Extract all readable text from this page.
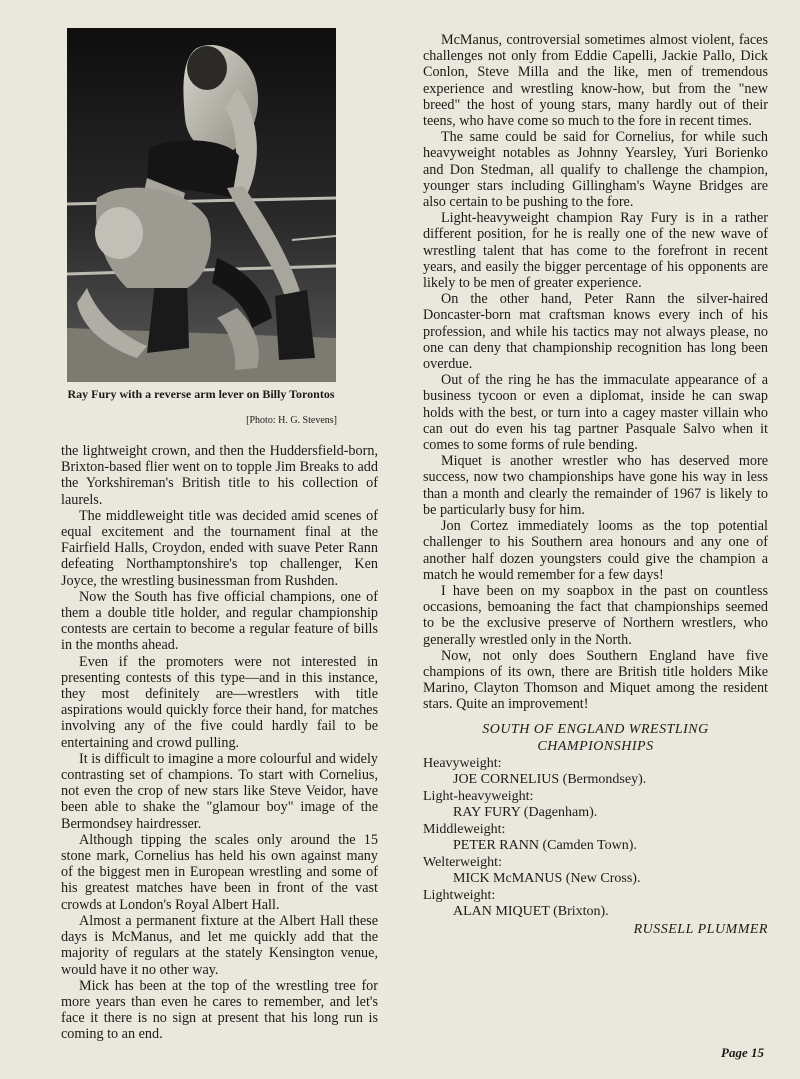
Ray Fury with a reverse arm lever on Billy Torontos
[Photo: H. G. Stevens]

the lightweight crown, and then the Huddersfield-born, Brixton-based flier went on to topple Jim Breaks to add the Yorkshireman's British title to his collection of laurels.

The middleweight title was decided amid scenes of equal excitement and the tournament final at the Fairfield Halls, Croydon, ended with suave Peter Rann defeating Northamptonshire's top challenger, Ken Joyce, the wrestling businessman from Rushden.

Now the South has five official champions, one of them a double title holder, and regular championship contests are certain to become a regular feature of bills in the months ahead.

Even if the promoters were not interested in presenting contests of this type—and in this instance, they most definitely are—wrestlers with title aspirations would quickly force their hand, for matches involving any of the five could hardly fail to be entertaining and crowd pulling.

It is difficult to imagine a more colourful and widely contrasting set of champions. To start with Cornelius, not even the crop of new stars like Steve Veidor, have been able to shake the "glamour boy" image of the Bermondsey hairdresser.

Although tipping the scales only around the 15 stone mark, Cornelius has held his own against many of the biggest men in European wrestling and some of his greatest matches have been in front of the vast crowds at London's Royal Albert Hall.

Almost a permanent fixture at the Albert Hall these days is McManus, and let me quickly add that the majority of regulars at the stately Kensington venue, would have it no other way.

Mick has been at the top of the wrestling tree for more years than even he cares to remember, and let's face it there is no sign at present that his long run is coming to an end.

McManus, controversial sometimes almost violent, faces challenges not only from Eddie Capelli, Jackie Pallo, Dick Conlon, Steve Milla and the like, men of tremendous experience and wrestling know-how, but from the "new breed" the host of young stars, many hardly out of their teens, who have come so much to the fore in recent times.

The same could be said for Cornelius, for while such heavyweight notables as Johnny Yearsley, Yuri Borienko and Don Stedman, all qualify to challenge the champion, younger stars including Gillingham's Wayne Bridges are also certain to be pushing to the fore.

Light-heavyweight champion Ray Fury is in a rather different position, for he is really one of the new wave of wrestling talent that has come to the forefront in recent years, and easily the bigger percentage of his opponents are likely to be men of greater experience.

On the other hand, Peter Rann the silver-haired Doncaster-born mat craftsman knows every inch of his profession, and while his tactics may not always please, no one can deny that championship recognition has long been overdue.

Out of the ring he has the immaculate appearance of a business tycoon or even a diplomat, inside he can swap holds with the best, or turn into a cagey master villain who can out do even his tag partner Pasquale Salvo when it comes to some forms of rule bending.

Miquet is another wrestler who has deserved more success, now two championships have gone his way in less than a month and clearly the remainder of 1967 is likely to be particularly busy for him.

Jon Cortez immediately looms as the top potential challenger to his Southern area honours and any one of another half dozen youngsters could give the champion a match he would remember for a few days!

I have been on my soapbox in the past on countless occasions, bemoaning the fact that championships seemed to be the exclusive preserve of Northern wrestlers, who generally wrestled only in the North.

Now, not only does Southern England have five champions of its own, there are British title holders Mike Marino, Clayton Thomson and Miquet among the resident stars. Quite an improvement!

SOUTH OF ENGLAND WRESTLING CHAMPIONSHIPS
Heavyweight:
JOE CORNELIUS (Bermondsey).
Light-heavyweight:
RAY FURY (Dagenham).
Middleweight:
PETER RANN (Camden Town).
Welterweight:
MICK McMANUS (New Cross).
Lightweight:
ALAN MIQUET (Brixton).
RUSSELL PLUMMER
Page 15
